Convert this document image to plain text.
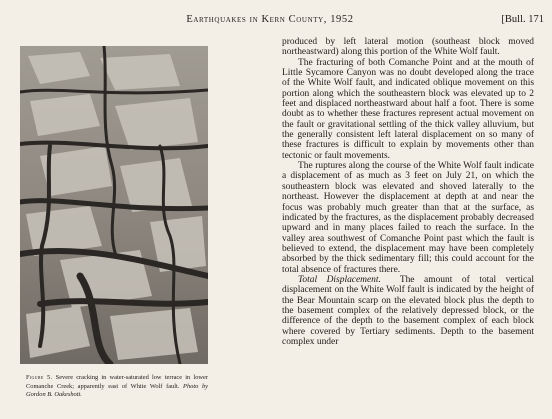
Earthquakes in Kern County, 1952	[Bull. 171
Figure 5. Severe cracking in water-saturated low terrace in lower Comanche Creek; apparently east of White Wolf fault. Photo by Gordon B. Oakeshott.

produced by left lateral motion (southeast block moved northeastward) along this portion of the White Wolf fault.

The fracturing of both Comanche Point and at the mouth of Little Sycamore Canyon was no doubt developed along the trace of the White Wolf fault, and indicated oblique movement on this portion along which the southeastern block was elevated up to 2 feet and displaced northeastward about half a foot. There is some doubt as to whether these fractures represent actual movement on the fault or gravitational settling of the thick valley alluvium, but the generally consistent left lateral displacement on so many of these fractures is difficult to explain by movements other than tectonic or fault movements.

The ruptures along the course of the White Wolf fault indicate a displacement of as much as 3 feet on July 21, on which the southeastern block was elevated and shoved laterally to the northeast. However the displacement at depth at and near the focus was probably much greater than that at the surface, as indicated by the fractures, as the displacement probably decreased upward and in many places failed to reach the surface. In the valley area southwest of Comanche Point past which the fault is believed to extend, the displacement may have been completely absorbed by the thick sedimentary fill; this could account for the total absence of fractures there.

Total Displacement. The amount of total vertical displacement on the White Wolf fault is indicated by the height of the Bear Mountain scarp on the elevated block plus the depth to the basement complex of the relatively depressed block, or the difference of the depth to the basement complex of each block where covered by Tertiary sediments. Depth to the basement complex under
